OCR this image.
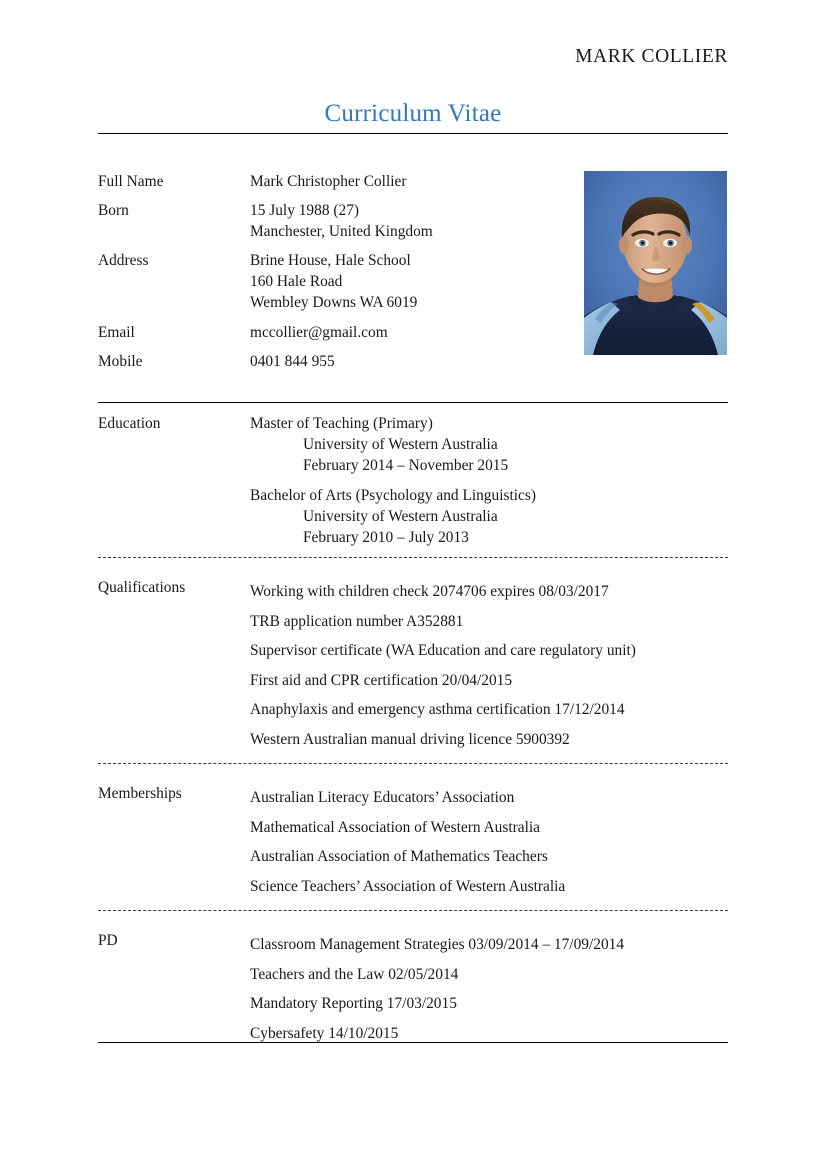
MARK COLLIER
Curriculum Vitae
Full Name	Mark Christopher Collier
Born	15 July 1988 (27)
Manchester, United Kingdom
Address	Brine House, Hale School
160 Hale Road
Wembley Downs WA 6019
Email	mccollier@gmail.com
Mobile	0401 844 955
Education	Master of Teaching (Primary)
University of Western Australia
February 2014 – November 2015
Bachelor of Arts (Psychology and Linguistics)
University of Western Australia
February 2010 – July 2013
Qualifications	Working with children check 2074706 expires 08/03/2017
TRB application number A352881
Supervisor certificate (WA Education and care regulatory unit)
First aid and CPR certification 20/04/2015
Anaphylaxis and emergency asthma certification 17/12/2014
Western Australian manual driving licence 5900392
Memberships	Australian Literacy Educators’ Association
Mathematical Association of Western Australia
Australian Association of Mathematics Teachers
Science Teachers’ Association of Western Australia
PD	Classroom Management Strategies 03/09/2014 – 17/09/2014
Teachers and the Law 02/05/2014
Mandatory Reporting 17/03/2015
Cybersafety 14/10/2015
